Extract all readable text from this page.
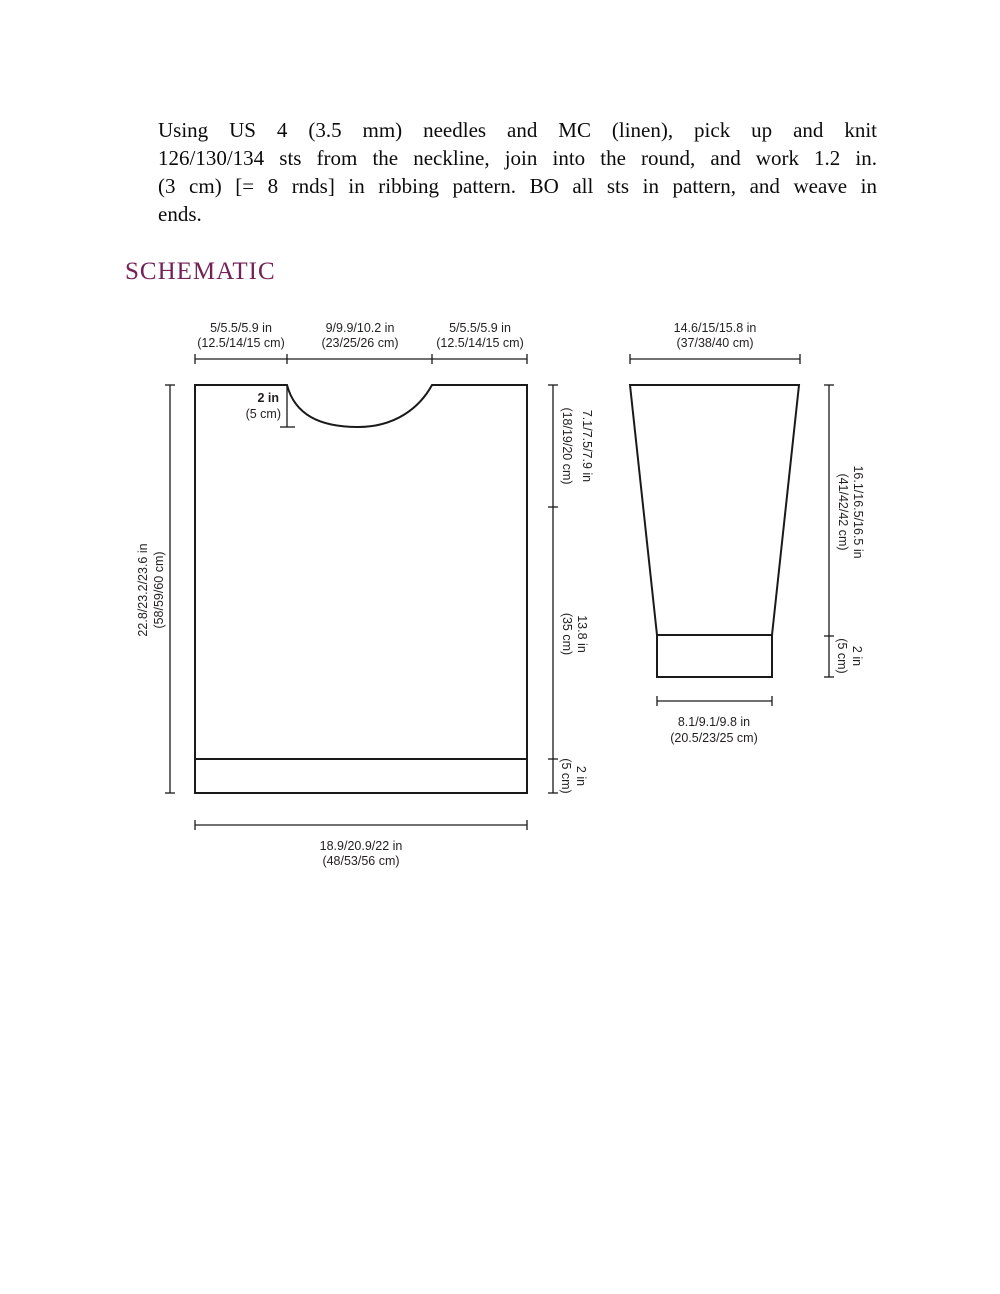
Using US 4 (3.5 mm) needles and MC (linen), pick up and knit
126/130/134 sts from the neckline, join into the round, and work 1.2 in.
(3 cm) [= 8 rnds] in ribbing pattern. BO all sts in pattern, and weave in
ends.
SCHEMATIC
2 in
(5 cm)
5/5.5/5.9 in
(12.5/14/15 cm)
9/9.9/10.2 in
(23/25/26 cm)
5/5.5/5.9 in
(12.5/14/15 cm)
22.8/23.2/23.6 in (58/59/60 cm)
7.1/7.5/7.9 in
(18/19/20 cm)
13.8 in
(35 cm)
2 in
(5 cm)
18.9/20.9/22 in
(48/53/56 cm)
14.6/15/15.8 in
(37/38/40 cm)
16.1/16.5/16.5 in
(41/42/42 cm)
2 in
(5 cm)
8.1/9.1/9.8 in
(20.5/23/25 cm)
